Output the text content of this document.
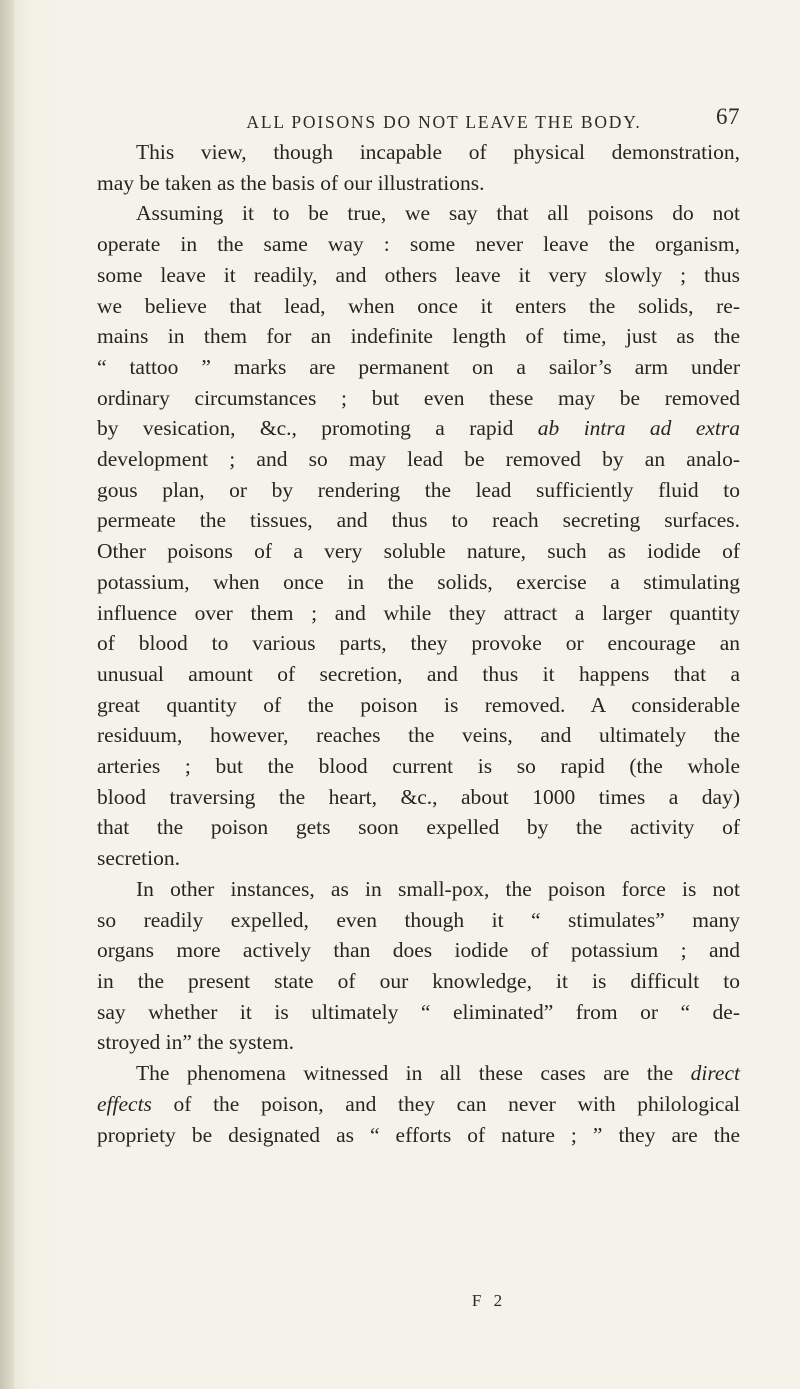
ALL POISONS DO NOT LEAVE THE BODY.	67
This view, though incapable of physical demonstration,
may be taken as the basis of our illustrations.
Assuming it to be true, we say that all poisons do not
operate in the same way : some never leave the organism,
some leave it readily, and others leave it very slowly ; thus
we believe that lead, when once it enters the solids, re-
mains in them for an indefinite length of time, just as the
“ tattoo ” marks are permanent on a sailor’s arm under
ordinary circumstances ; but even these may be removed
by vesication, &c., promoting a rapid ab intra ad extra
development ; and so may lead be removed by an analo-
gous plan, or by rendering the lead sufficiently fluid to
permeate the tissues, and thus to reach secreting surfaces.
Other poisons of a very soluble nature, such as iodide of
potassium, when once in the solids, exercise a stimulating
influence over them ; and while they attract a larger quantity
of blood to various parts, they provoke or encourage an
unusual amount of secretion, and thus it happens that a
great quantity of the poison is removed. A considerable
residuum, however, reaches the veins, and ultimately the
arteries ; but the blood current is so rapid (the whole
blood traversing the heart, &c., about 1000 times a day)
that the poison gets soon expelled by the activity of
secretion.
In other instances, as in small-pox, the poison force is not
so readily expelled, even though it “ stimulates” many
organs more actively than does iodide of potassium ; and
in the present state of our knowledge, it is difficult to
say whether it is ultimately “ eliminated” from or “ de-
stroyed in” the system.
The phenomena witnessed in all these cases are the direct
effects of the poison, and they can never with philological
propriety be designated as “ efforts of nature ; ” they are the
F 2
